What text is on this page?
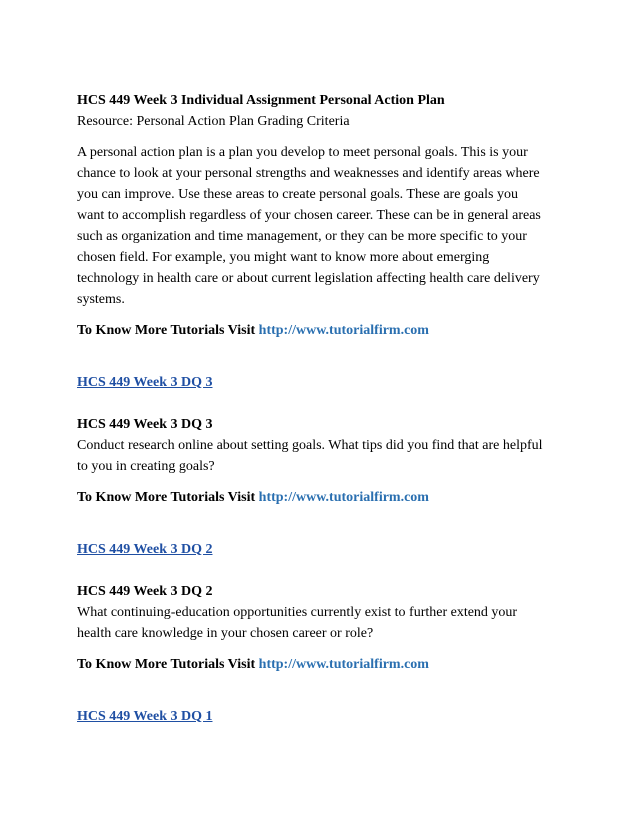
HCS 449 Week 3 Individual Assignment Personal Action Plan
Resource: Personal Action Plan Grading Criteria
A personal action plan is a plan you develop to meet personal goals. This is your
chance to look at your personal strengths and weaknesses and identify areas where
you can improve. Use these areas to create personal goals. These are goals you
want to accomplish regardless of your chosen career. These can be in general areas
such as organization and time management, or they can be more specific to your
chosen field. For example, you might want to know more about emerging
technology in health care or about current legislation affecting health care delivery
systems.
To Know More Tutorials Visit http://www.tutorialfirm.com
HCS 449 Week 3 DQ 3
HCS 449 Week 3 DQ 3
Conduct research online about setting goals. What tips did you find that are helpful
to you in creating goals?
To Know More Tutorials Visit http://www.tutorialfirm.com
HCS 449 Week 3 DQ 2
HCS 449 Week 3 DQ 2
What continuing-education opportunities currently exist to further extend your
health care knowledge in your chosen career or role?
To Know More Tutorials Visit http://www.tutorialfirm.com
HCS 449 Week 3 DQ 1
